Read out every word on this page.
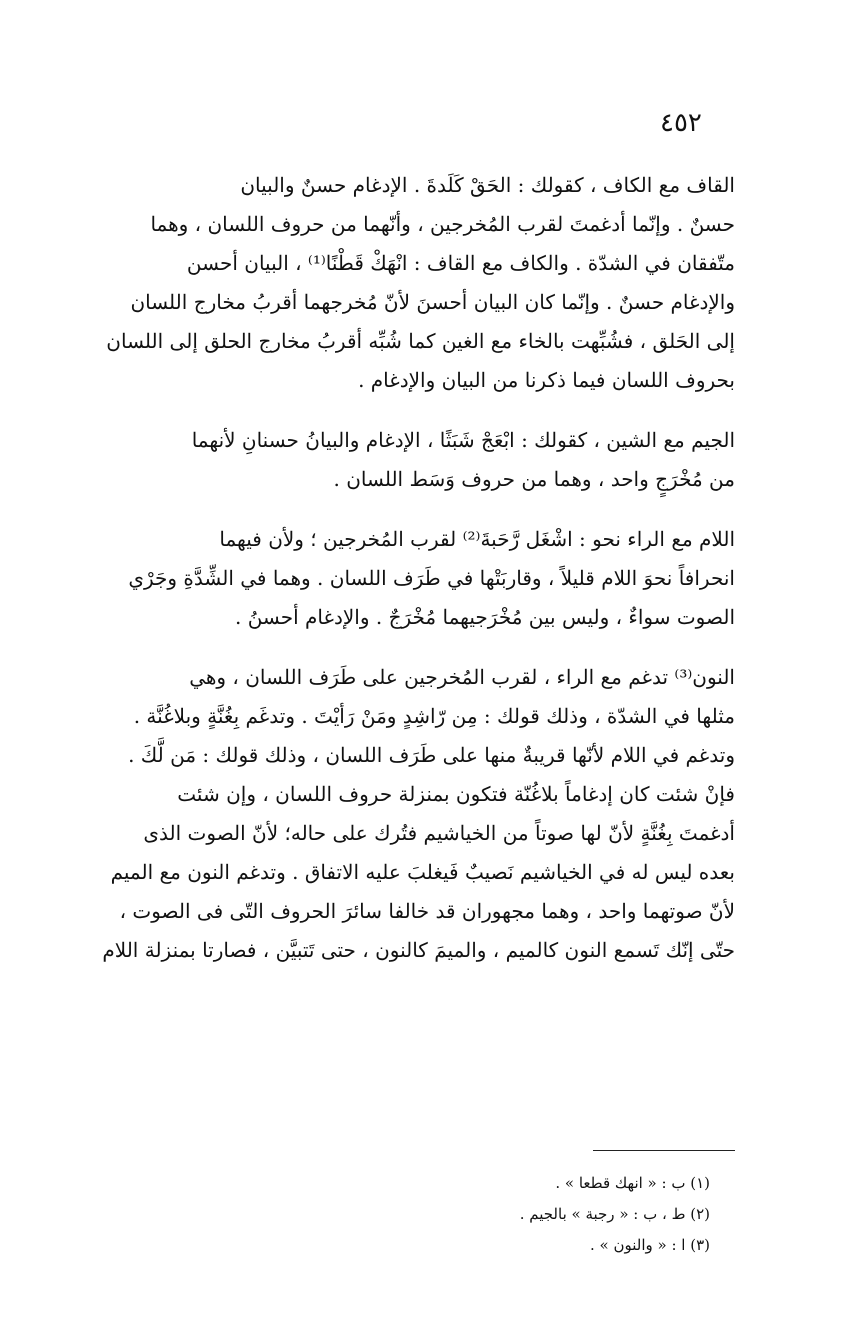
٤٥٢

القاف مع الكاف ، كقولك : الحَقْ كَلَدةَ . الإدغام حسنٌ والبيان
حسنٌ . وإنّما أدغمتَ لقرب المُخرجين ، وأنّهما من حروف اللسان ، وهما
متّفقان في الشدّة . والكاف مع القاف : انْهَكْ قَطْنًا⁽¹⁾ ، البيان أحسن
والإدغام حسنٌ . وإنّما كان البيان أحسنَ لأنّ مُخرجهما أقربُ مخارج اللسان
إلى الحَلق ، فشُبِّهت بالخاء مع الغين كما شُبِّه أقربُ مخارج الحلق إلى اللسان
بحروف اللسان فيما ذكرنا من البيان والإدغام .

الجيم مع الشين ، كقولك : ابْعَجْ شَبَثًا ، الإدغام والبيانُ حسنانِ لأنهما
من مُخْرَجٍ واحد ، وهما من حروف وَسَط اللسان .

اللام مع الراء نحو : اشْغَل رَّحَبةَ⁽²⁾ لقرب المُخرجين ؛ ولأن فيهما
انحرافاً نحوَ اللام قليلاً ، وقاربَتْها في طَرَف اللسان . وهما في الشِّدَّةِ وجَرْي
الصوت سواءٌ ، وليس بين مُخْرَجيهما مُخْرَجٌ . والإدغام أحسنُ .

النون⁽³⁾ تدغم مع الراء ، لقرب المُخرجين على طَرَف اللسان ، وهي
مثلها في الشدّة ، وذلك قولك : مِن رّاشِدٍ ومَنْ رَأيْتَ . وتدغَم بِغُنَّةٍ وبلاغُنَّة .
وتدغم في اللام لأنّها قريبةٌ منها على طَرَف اللسان ، وذلك قولك : مَن لَّكَ .
فإنْ شئت كان إدغاماً بلاغُنّة فتكون بمنزلة حروف اللسان ، وإن شئت
أدغمتَ بِغُنَّةٍ لأنّ لها صوتاً من الخياشيم فتُرك على حاله؛ لأنّ الصوت الذى
بعده ليس له في الخياشيم نَصيبٌ فَيغلبَ عليه الاتفاق . وتدغم النون مع الميم
لأنّ صوتهما واحد ، وهما مجهوران قد خالفا سائرَ الحروف التّى فى الصوت ،
حتّى إنّك تَسمع النون كالميم ، والميمَ كالنون ، حتى تَتبيَّن ، فصارتا بمنزلة اللام

(١) ب : « انهك قطعا » .
(٢) ط ، ب : « رجبة » بالجيم .
(٣) ا : « والنون » .
